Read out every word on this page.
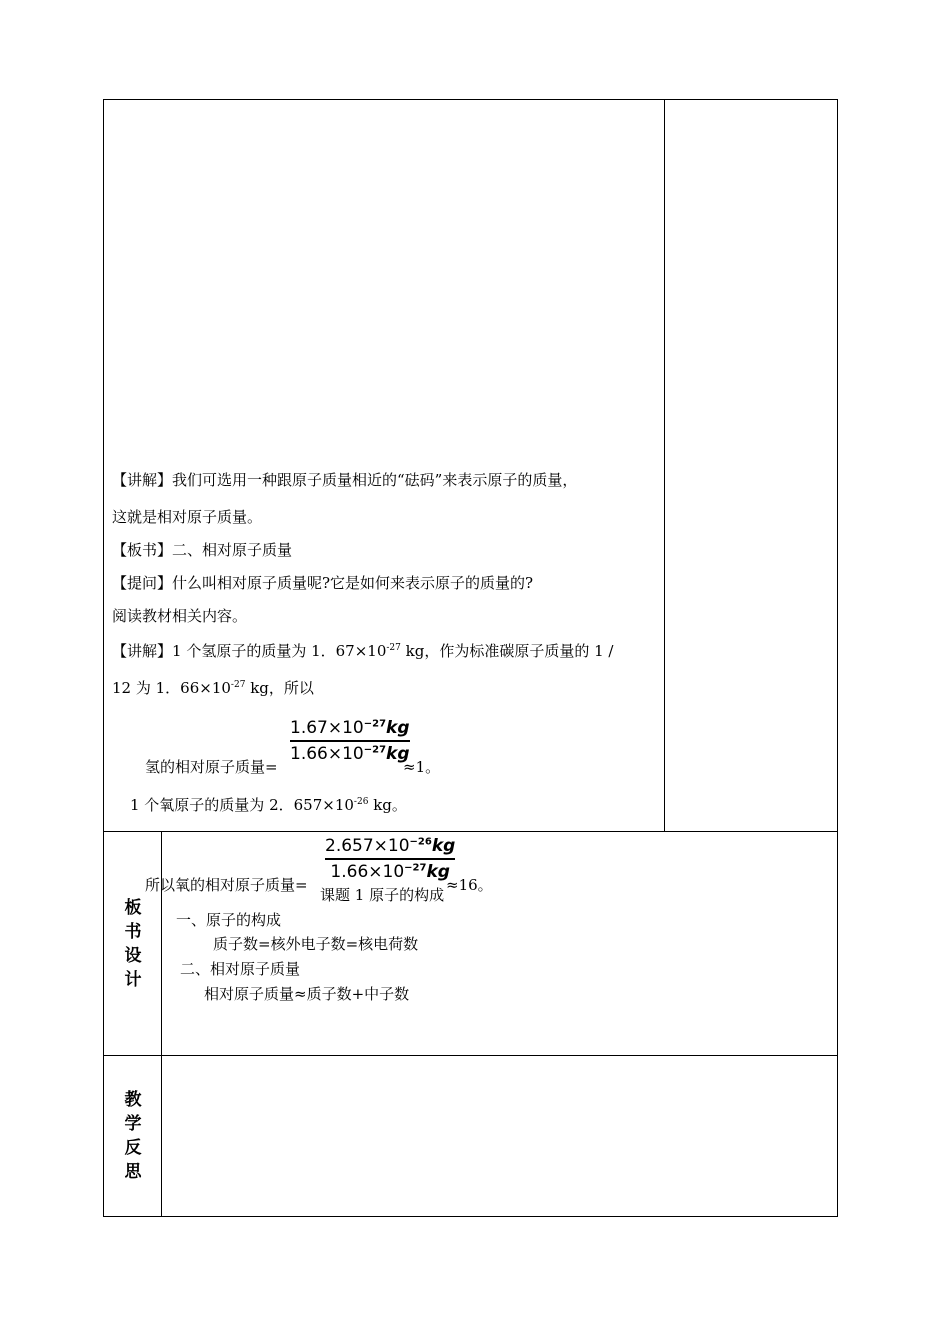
【讲解】我们可选用一种跟原子质量相近的“砝码”来表示原子的质量，
这就是相对原子质量。
【板书】二、相对原子质量
【提问】什么叫相对原子质量呢?它是如何来表示原子的质量的?
阅读教材相关内容。
【讲解】1 个氢原子的质量为 1．$67\times 10^{-27}$ kg，作为标准碳原子质量的 1 /
12 为 1．$66\times 10^{-27}$ kg，所以
$1.67\times 10^{-27}kg$
$1.66\times 10^{-27}kg$
氢的相对原子质量=	≈1。
1 个氧原子的质量为 2．$657\times 10^{-26}$ kg。
$2.657\times 10^{-26}kg$
$1.66\times 10^{-27}kg$
所以氧的相对原子质量=	≈16。
板
书
设
计
课题 1 原子的构成
一、原子的构成
质子数=核外电子数=核电荷数
二、相对原子质量
相对原子质量≈质子数+中子数
教
学
反
思
